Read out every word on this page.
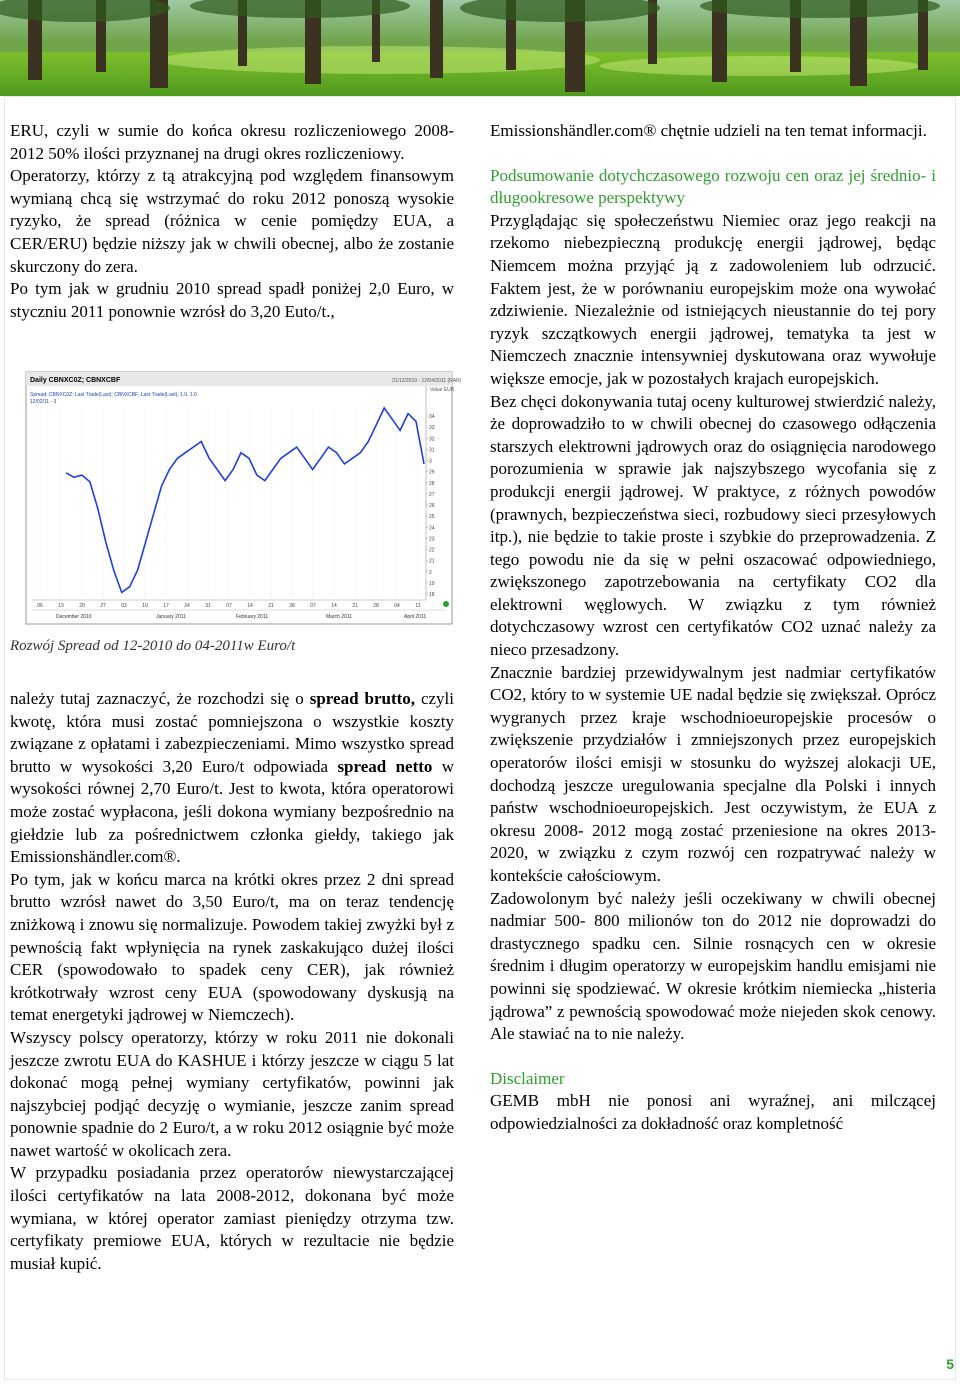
ERU, czyli w sumie do końca okresu rozliczeniowego 2008- 2012 50% ilości przyznanej na drugi okres rozliczeniowy.

Operatorzy, którzy z tą atrakcyjną pod względem finansowym wymianą chcą się wstrzymać do roku 2012 ponoszą wysokie ryzyko, że spread (różnica w cenie pomiędzy EUA, a CER/ERU) będzie niższy jak w chwili obecnej, albo że zostanie skurczony do zera.

Po tym jak w grudniu 2010 spread spadł poniżej 2,0 Euro, w styczniu 2011 ponownie wzrósł do 3,20 Euto/t.,

Daily CBNXC0Z; CBNXCBF	31/12/2010 - 12/04/2011 (RAR)
Spread; CBNXC0Z; Last Trade(Last); CBNXCBF; Last Trade(Last); 1.0, 1.0
12/02/11 - 3
Value EUR
34
33
32
31
3
29
28
27
26
25
24
23
22
21
2
19
18
06	13	20	27	03	10	17	24	31	07	14	21	28	07	14	21	28	04	11
December 2010	January 2011	February 2011	March 2011	April 2011
Rozwój Spread od 12-2010 do 04-2011w Euro/t

należy tutaj zaznaczyć, że rozchodzi się o spread brutto, czyli kwotę, która musi zostać pomniejszona o wszystkie koszty związane z opłatami i zabezpieczeniami. Mimo wszystko spread brutto w wysokości 3,20 Euro/t odpowiada spread netto w wysokości równej 2,70 Euro/t. Jest to kwota, która operatorowi może zostać wypłacona, jeśli dokona wymiany bezpośrednio na giełdzie lub za pośrednictwem członka giełdy, takiego jak Emissionshändler.com®.

Po tym, jak w końcu marca na krótki okres przez 2 dni spread brutto wzrósł nawet do 3,50 Euro/t, ma on teraz tendencję zniżkową i znowu się normalizuje. Powodem takiej zwyżki był z pewnością fakt wpłynięcia na rynek zaskakująco dużej ilości CER (spowodowało to spadek ceny CER), jak również krótkotrwały wzrost ceny EUA (spowodowany dyskusją na temat energetyki jądrowej w Niemczech).

Wszyscy polscy operatorzy, którzy w roku 2011 nie dokonali jeszcze zwrotu EUA do KASHUE i którzy jeszcze w ciągu 5 lat dokonać mogą pełnej wymiany certyfikatów, powinni jak najszybciej podjąć decyzję o wymianie, jeszcze zanim spread ponownie spadnie do 2 Euro/t, a w roku 2012 osiągnie być może nawet wartość w okolicach zera.

W przypadku posiadania przez operatorów niewystarczającej ilości certyfikatów na lata 2008-2012, dokonana być może wymiana, w której operator zamiast pieniędzy otrzyma tzw. certyfikaty premiowe EUA, których w rezultacie nie będzie musiał kupić.

Emissionshändler.com® chętnie udzieli na ten temat informacji.

Podsumowanie dotychczasowego rozwoju cen oraz jej średnio- i długookresowe perspektywy

Przyglądając się społeczeństwu Niemiec oraz jego reakcji na rzekomo niebezpieczną produkcję energii jądrowej, będąc Niemcem można przyjąć ją z zadowoleniem lub odrzucić. Faktem jest, że w porównaniu europejskim może ona wywołać zdziwienie. Niezależnie od istniejących nieustannie do tej pory ryzyk szczątkowych energii jądrowej, tematyka ta jest w Niemczech znacznie intensywniej dyskutowana oraz wywołuje większe emocje, jak w pozostałych krajach europejskich.

Bez chęci dokonywania tutaj oceny kulturowej stwierdzić należy, że doprowadziło to w chwili obecnej do czasowego odłączenia starszych elektrowni jądrowych oraz do osiągnięcia narodowego porozumienia w sprawie jak najszybszego wycofania się z produkcji energii jądrowej. W praktyce, z różnych powodów (prawnych, bezpieczeństwa sieci, rozbudowy sieci przesyłowych itp.), nie będzie to takie proste i szybkie do przeprowadzenia. Z tego powodu nie da się w pełni oszacować odpowiedniego, zwiększonego zapotrzebowania na certyfikaty CO2 dla elektrowni węglowych. W związku z tym również dotychczasowy wzrost cen certyfikatów CO2 uznać należy za nieco przesadzony.

Znacznie bardziej przewidywalnym jest nadmiar certyfikatów CO2, który to w systemie UE nadal będzie się zwiększał. Oprócz wygranych przez kraje wschodnioeuropejskie procesów o zwiększenie przydziałów i zmniejszonych przez europejskich operatorów ilości emisji w stosunku do wyższej alokacji UE, dochodzą jeszcze uregulowania specjalne dla Polski i innych państw wschodnioeuropejskich. Jest oczywistym, że EUA z okresu 2008- 2012 mogą zostać przeniesione na okres 2013- 2020, w związku z czym rozwój cen rozpatrywać należy w kontekście całościowym.

Zadowolonym być należy jeśli oczekiwany w chwili obecnej nadmiar 500- 800 milionów ton do 2012 nie doprowadzi do drastycznego spadku cen. Silnie rosnących cen w okresie średnim i długim operatorzy w europejskim handlu emisjami nie powinni się spodziewać. W okresie krótkim niemiecka „histeria jądrowa” z pewnością spowodować może niejeden skok cenowy. Ale stawiać na to nie należy.

Disclaimer

GEMB mbH nie ponosi ani wyraźnej, ani milczącej odpowiedzialności za dokładność oraz kompletność

5
